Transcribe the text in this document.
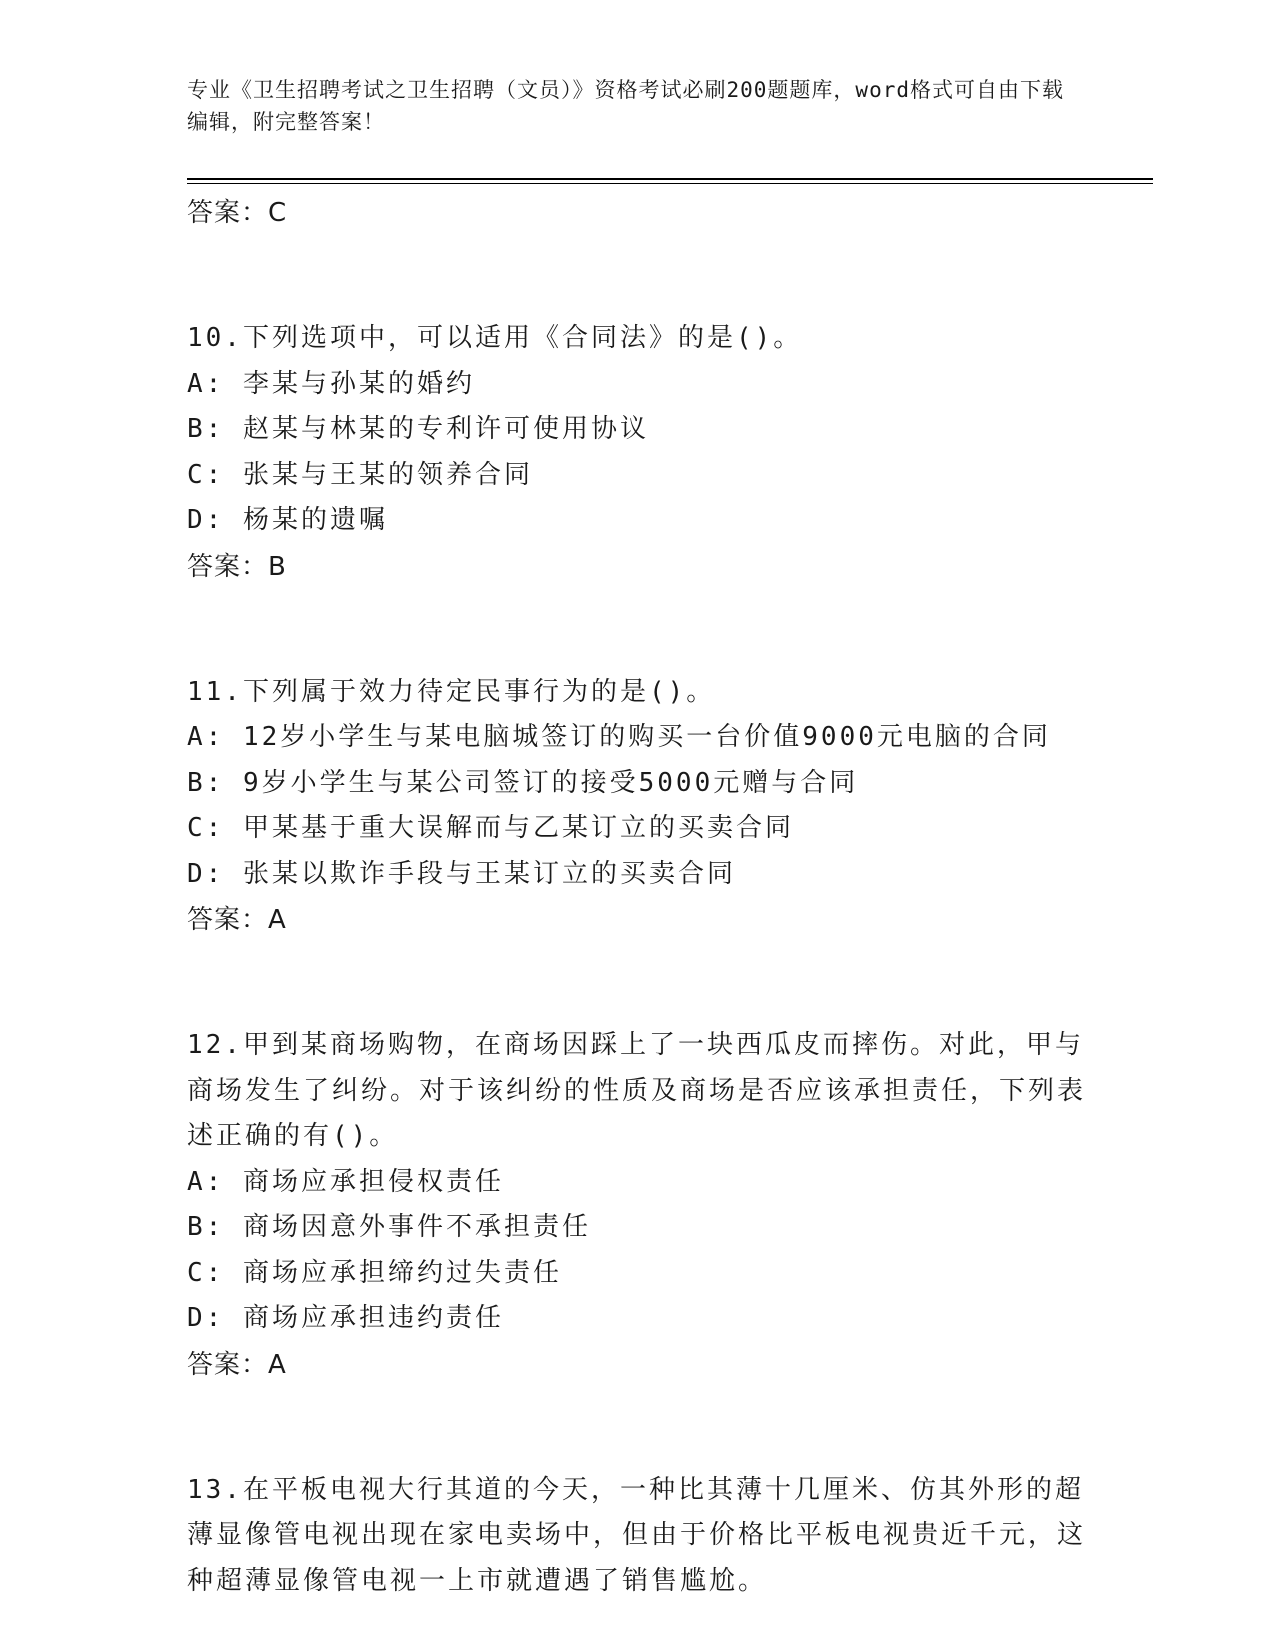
专业《卫生招聘考试之卫生招聘（文员）》资格考试必刷200题题库，word格式可自由下载编辑，附完整答案！
答案：C
10.下列选项中，可以适用《合同法》的是()。
A: 李某与孙某的婚约
B: 赵某与林某的专利许可使用协议
C: 张某与王某的领养合同
D: 杨某的遗嘱
答案：B
11.下列属于效力待定民事行为的是()。
A: 12岁小学生与某电脑城签订的购买一台价值9000元电脑的合同
B: 9岁小学生与某公司签订的接受5000元赠与合同
C: 甲某基于重大误解而与乙某订立的买卖合同
D: 张某以欺诈手段与王某订立的买卖合同
答案：A
12.甲到某商场购物，在商场因踩上了一块西瓜皮而摔伤。对此，甲与商场发生了纠纷。对于该纠纷的性质及商场是否应该承担责任，下列表述正确的有()。
A: 商场应承担侵权责任
B: 商场因意外事件不承担责任
C: 商场应承担缔约过失责任
D: 商场应承担违约责任
答案：A
13.在平板电视大行其道的今天，一种比其薄十几厘米、仿其外形的超薄显像管电视出现在家电卖场中，但由于价格比平板电视贵近千元，这种超薄显像管电视一上市就遭遇了销售尴尬。
